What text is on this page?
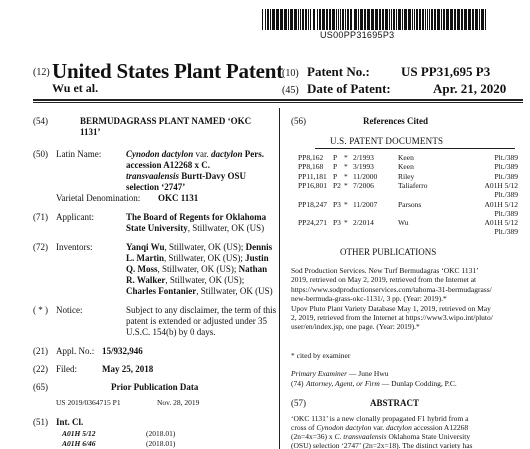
US00PP31695P3
(12) United States Plant Patent
Wu et al.
(10) Patent No.: US PP31,695 P3
(45) Date of Patent:	Apr. 21, 2020
(54)	BERMUDAGRASS PLANT NAMED ‘OKC
1131’
(50) Latin Name:	Cynodon dactylon var. dactylon Pers.
accession A12268 x C.
transvaalensis Burtt-Davy OSU
selection ‘2747’
Varietal Denomination: OKC 1131
(71) Applicant:	The Board of Regents for Oklahoma
State University, Stillwater, OK (US)
(72) Inventors:	Yanqi Wu, Stillwater, OK (US); Dennis
L. Martin, Stillwater, OK (US); Justin
Q. Moss, Stillwater, OK (US); Nathan
R. Walker, Stillwater, OK (US);
Charles Fontanier, Stillwater, OK (US)
( * ) Notice:	Subject to any disclaimer, the term of this
patent is extended or adjusted under 35
U.S.C. 154(b) by 0 days.
(21) Appl. No.: 15/932,946
(22) Filed:	May 25, 2018
(65)	Prior Publication Data
US 2019/0364715 P1	Nov. 28, 2019
(51) Int. Cl.
A01H 5/12	(2018.01)
A01H 6/46	(2018.01)
(56)	References Cited
U.S. PATENT DOCUMENTS
PP8,162 P * 2/1993	Keen	Plt./389
PP8,168 P * 3/1993	Keen	Plt./389
PP11,181 P * 11/2000	Riley	Plt./389
PP16,801 P2 * 7/2006	Taliaferro	A01H 5/12
Plt./389
PP18,247 P3 * 11/2007	Parsons	A01H 5/12
Plt./389
PP24,271 P3 * 2/2014	Wu	A01H 5/12
Plt./389
OTHER PUBLICATIONS
Sod Production Services. New Turf Bermudagras ‘OKC 1131’
2019, retrieved on May 2, 2019, retrieved from the Internet at
https://www.sodproductionservices.com/tahoma-31-bermudagrass/
new-bermuda-grass-okc-1131/, 3 pp. (Year: 2019).*
Upov Pluto Plant Variety Database May 1, 2019, retrieved on May
2, 2019, retrieved from the Internet at https://www3.wipo.int/pluto/
user/en/index.jsp, one page. (Year: 2019).*
* cited by examiner
Primary Examiner — June Hwu
(74) Attorney, Agent, or Firm — Dunlap Codding, P.C.
(57)	ABSTRACT
‘OKC 1131’ is a new clonally propagated F1 hybrid from a
cross of Cynodon dactylon var. dactylon accession A12268
(2n=4x=36) x C. transvaalensis Oklahoma State University
(OSU) selection ‘2747’ (2n=2x=18). The distinct variety has
